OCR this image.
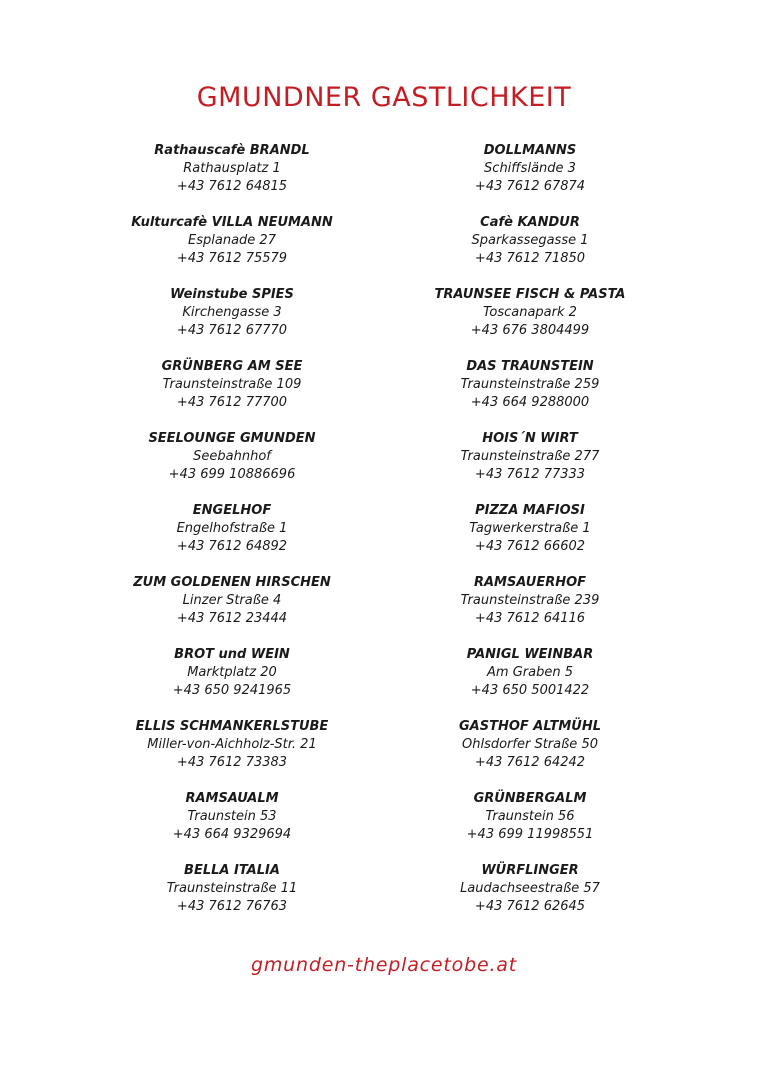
GMUNDNER GASTLICHKEIT
Rathauscafè BRANDL
Rathausplatz 1
+43 7612 64815
Kulturcafè VILLA NEUMANN
Esplanade 27
+43 7612 75579
Weinstube SPIES
Kirchengasse 3
+43 7612 67770
GRÜNBERG AM SEE
Traunsteinstraße 109
+43 7612 77700
SEELOUNGE GMUNDEN
Seebahnhof
+43 699 10886696
ENGELHOF
Engelhofstraße 1
+43 7612 64892
ZUM GOLDENEN HIRSCHEN
Linzer Straße 4
+43 7612 23444
BROT und WEIN
Marktplatz 20
+43 650 9241965
ELLIS SCHMANKERLSTUBE
Miller-von-Aichholz-Str. 21
+43 7612 73383
RAMSAUALM
Traunstein 53
+43 664 9329694
BELLA ITALIA
Traunsteinstraße 11
+43 7612 76763
DOLLMANNS
Schiffslände 3
+43 7612 67874
Cafè KANDUR
Sparkassegasse 1
+43 7612 71850
TRAUNSEE FISCH & PASTA
Toscanapark 2
+43 676 3804499
DAS TRAUNSTEIN
Traunsteinstraße 259
+43 664 9288000
HOIS´N WIRT
Traunsteinstraße 277
+43 7612 77333
PIZZA MAFIOSI
Tagwerkerstraße 1
+43 7612 66602
RAMSAUERHOF
Traunsteinstraße 239
+43 7612 64116
PANIGL WEINBAR
Am Graben 5
+43 650 5001422
GASTHOF ALTMÜHL
Ohlsdorfer Straße 50
+43 7612 64242
GRÜNBERGALM
Traunstein 56
+43 699 11998551
WÜRFLINGER
Laudachseestraße 57
+43 7612 62645
gmunden-theplacetobe.at
